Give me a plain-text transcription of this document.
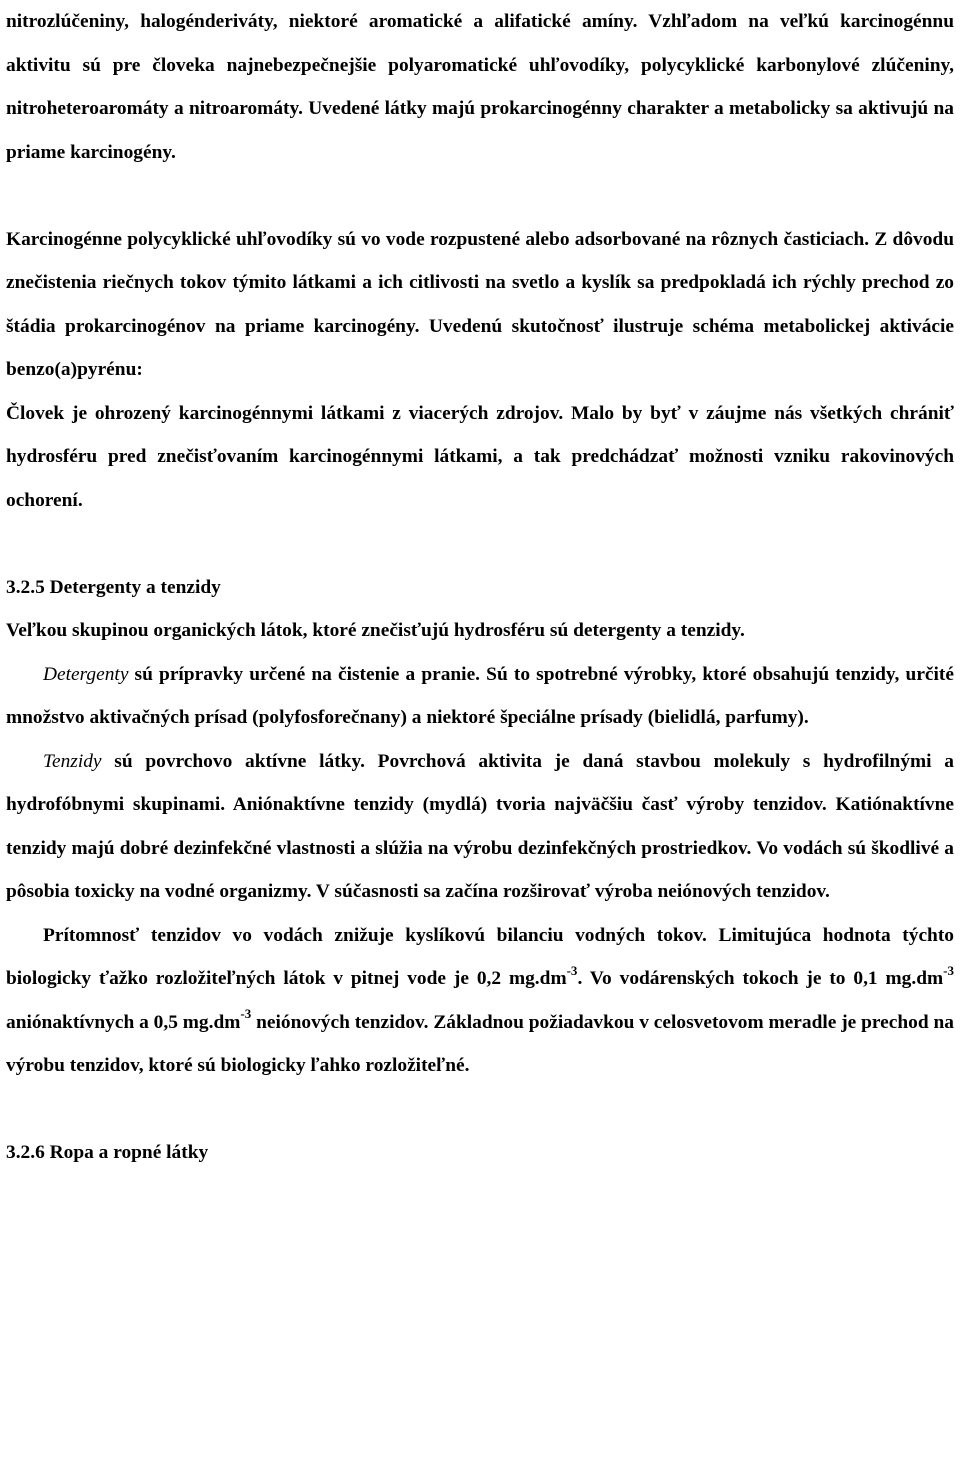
nitrozlúčeniny, halogénderiváty, niektoré aromatické a alifatické amíny. Vzhľadom na veľkú karcinogénnu aktivitu sú pre človeka najnebezpečnejšie polyaromatické uhľovodíky, polycyklické karbonylové zlúčeniny, nitroheteroaromáty a nitroaromáty. Uvedené látky majú prokarcinogénny charakter a metabolicky sa aktivujú na priame karcinogény.

Karcinogénne polycyklické uhľovodíky sú vo vode rozpustené alebo adsorbované na rôznych časticiach. Z dôvodu znečistenia riečnych tokov týmito látkami a ich citlivosti na svetlo a kyslík sa predpokladá ich rýchly prechod zo štádia prokarcinogénov na priame karcinogény. Uvedenú skutočnosť ilustruje schéma metabolickej aktivácie benzo(a)pyrénu:

Človek je ohrozený karcinogénnymi látkami z viacerých zdrojov. Malo by byť v záujme nás všetkých chrániť hydrosféru pred znečisťovaním karcinogénnymi látkami, a tak predchádzať možnosti vzniku rakovinových ochorení.

3.2.5 Detergenty a tenzidy

Veľkou skupinou organických látok, ktoré znečisťujú hydrosféru sú detergenty a tenzidy.

Detergenty sú prípravky určené na čistenie a pranie. Sú to spotrebné výrobky, ktoré obsahujú tenzidy, určité množstvo aktivačných prísad (polyfosforečnany) a niektoré špeciálne prísady (bielidlá, parfumy).

Tenzidy sú povrchovo aktívne látky. Povrchová aktivita je daná stavbou molekuly s hydrofilnými a hydrofóbnymi skupinami. Aniónaktívne tenzidy (mydlá) tvoria najväčšiu časť výroby tenzidov. Katiónaktívne tenzidy majú dobré dezinfekčné vlastnosti a slúžia na výrobu dezinfekčných prostriedkov. Vo vodách sú škodlivé a pôsobia toxicky na vodné organizmy. V súčasnosti sa začína rozširovať výroba neiónových tenzidov.

Prítomnosť tenzidov vo vodách znižuje kyslíkovú bilanciu vodných tokov. Limitujúca hodnota týchto biologicky ťažko rozložiteľných látok v pitnej vode je 0,2 $mg.dm^{-3}$. Vo vodárenských tokoch je to 0,1 $mg.dm^{-3}$ aniónaktívnych a 0,5 $mg.dm^{-3}$ neiónových tenzidov. Základnou požiadavkou v celosvetovom meradle je prechod na výrobu tenzidov, ktoré sú biologicky ľahko rozložiteľné.

3.2.6 Ropa a ropné látky
